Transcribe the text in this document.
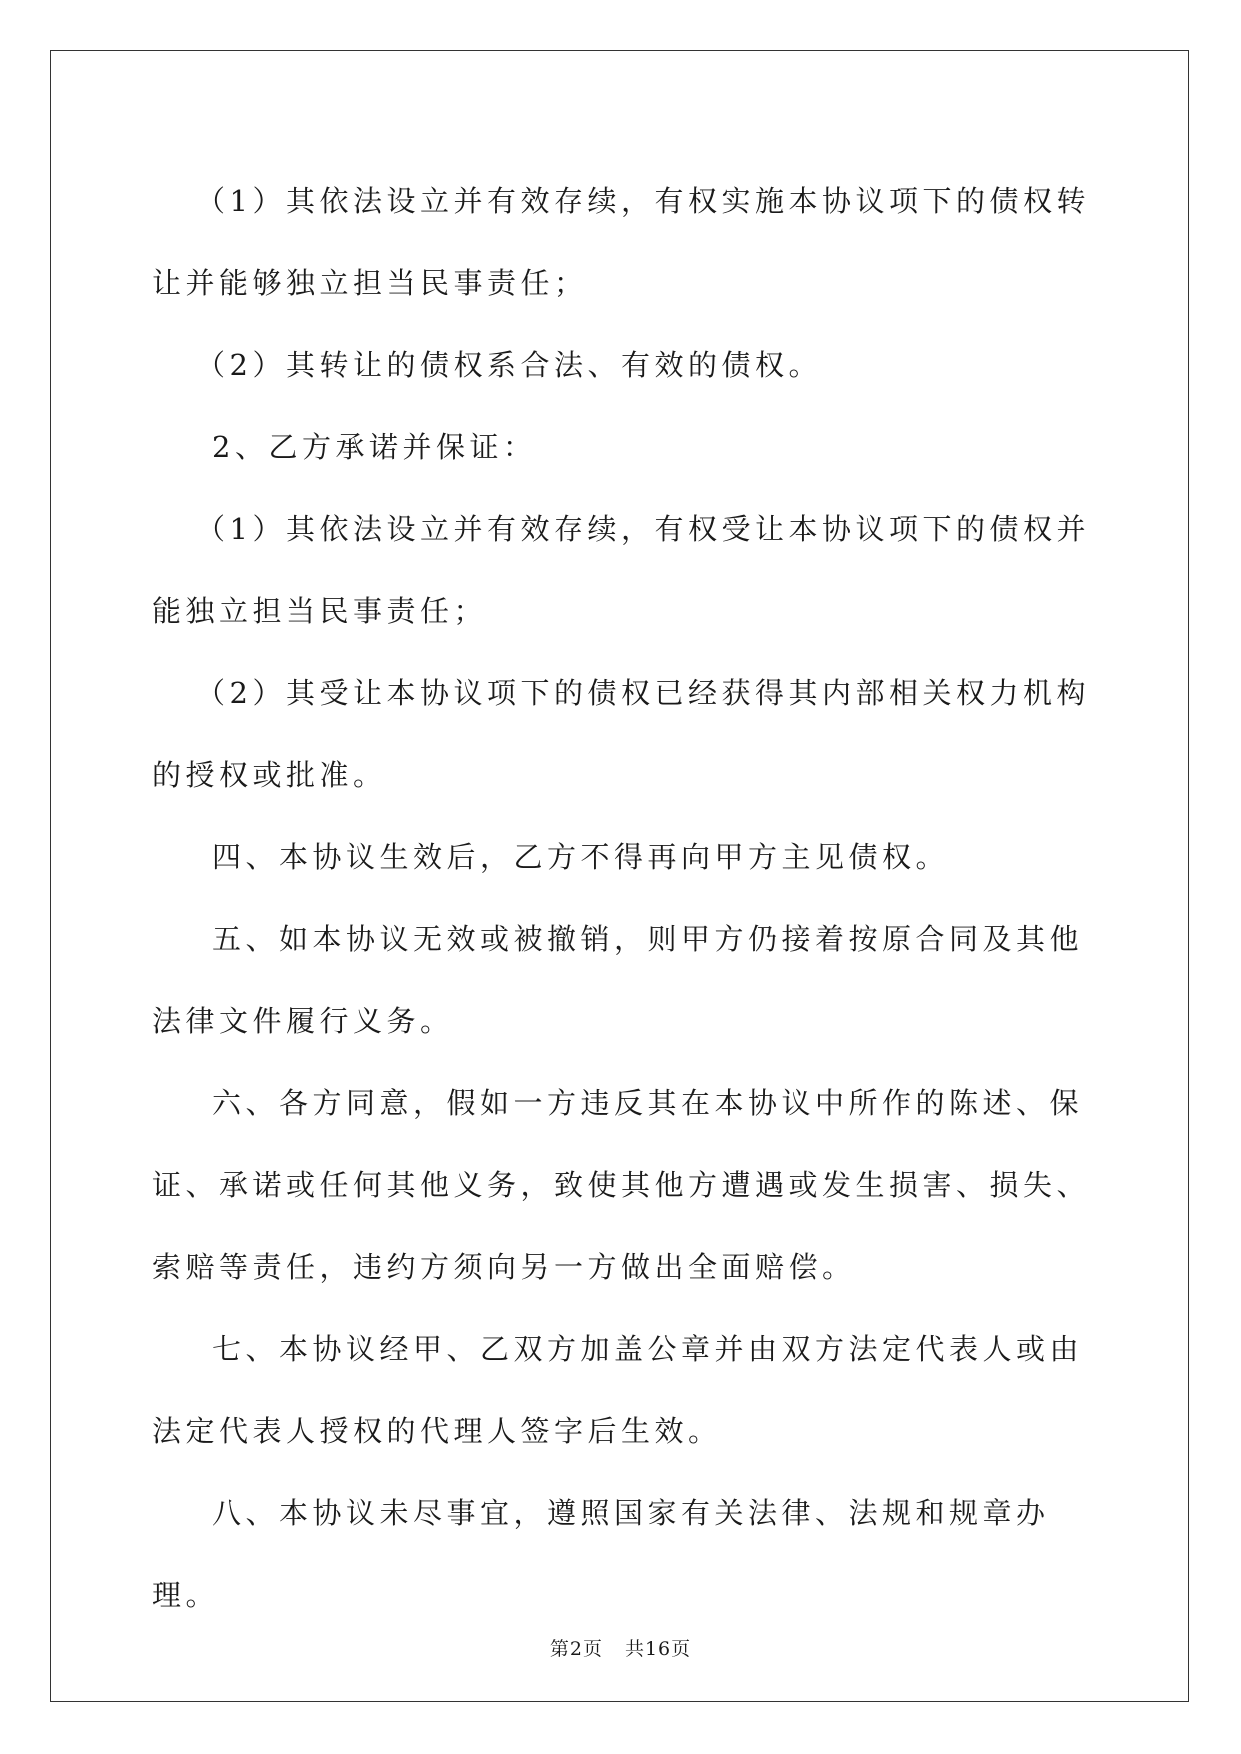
（1）其依法设立并有效存续，有权实施本协议项下的债权转让并能够独立担当民事责任；

（2）其转让的债权系合法、有效的债权。

2、乙方承诺并保证：

（1）其依法设立并有效存续，有权受让本协议项下的债权并能独立担当民事责任；

（2）其受让本协议项下的债权已经获得其内部相关权力机构的授权或批准。

四、本协议生效后，乙方不得再向甲方主见债权。

五、如本协议无效或被撤销，则甲方仍接着按原合同及其他法律文件履行义务。

六、各方同意，假如一方违反其在本协议中所作的陈述、保证、承诺或任何其他义务，致使其他方遭遇或发生损害、损失、索赔等责任，违约方须向另一方做出全面赔偿。

七、本协议经甲、乙双方加盖公章并由双方法定代表人或由法定代表人授权的代理人签字后生效。

八、本协议未尽事宜，遵照国家有关法律、法规和规章办理。

第2页 共16页
